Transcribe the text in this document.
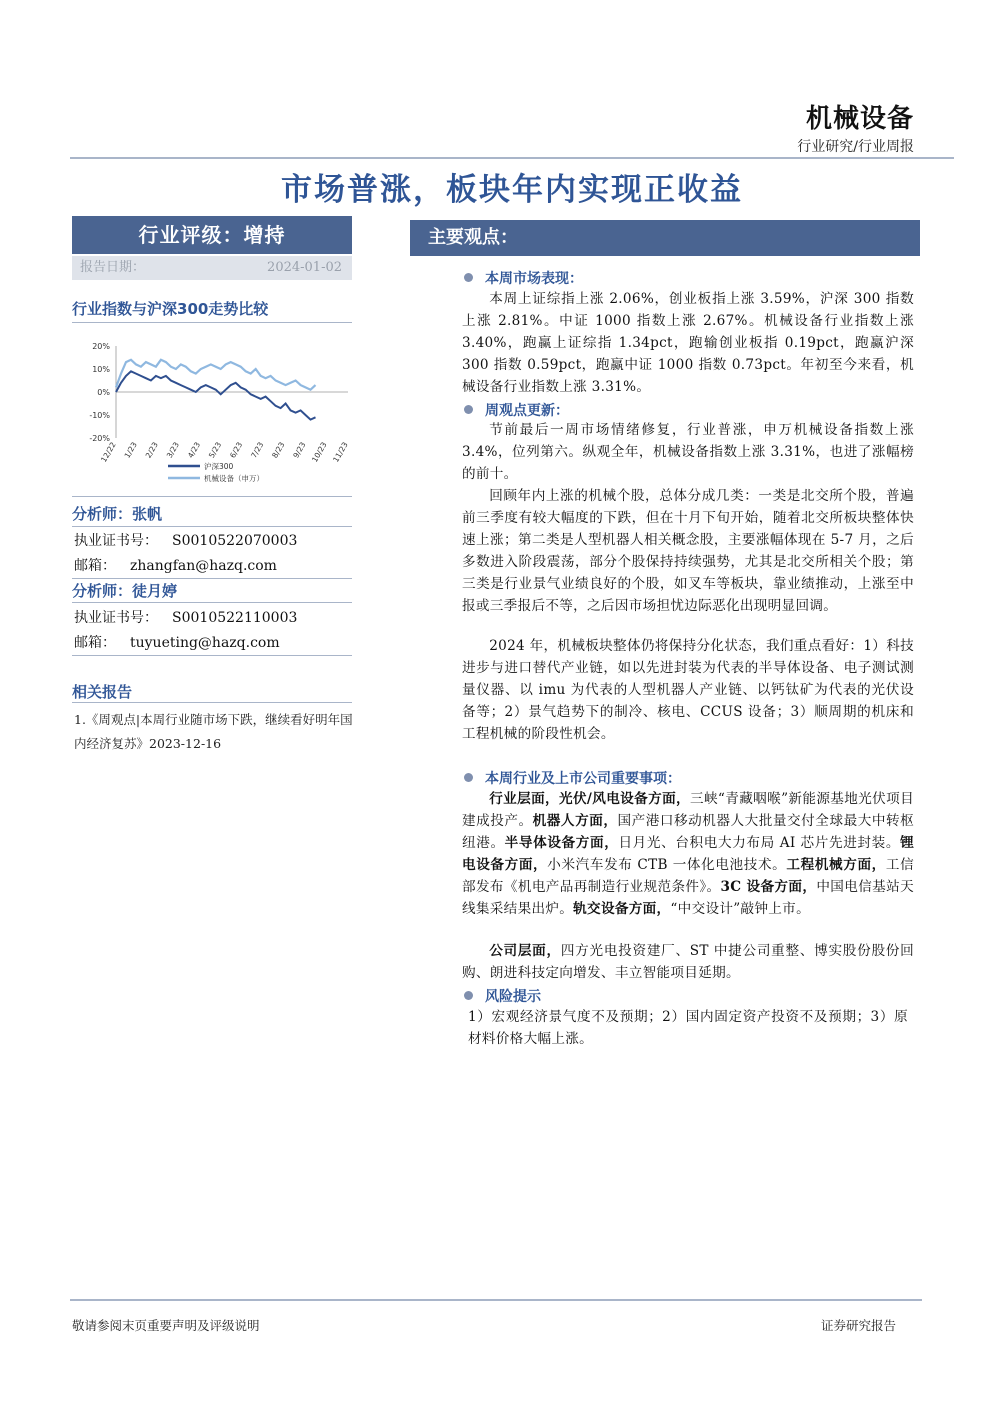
机械设备
行业研究/行业周报
市场普涨，板块年内实现正收益
行业评级：增持
报告日期：	2024-01-02
行业指数与沪深300走势比较
20%
10%
0%
-10%
-20%
12/22 1/23 2/23 3/23 4/23 5/23 6/23 7/23 8/23 9/23 10/23 11/23
沪深300
机械设备（申万）
分析师：张帆
执业证书号： S0010522070003
邮箱： zhangfan@hazq.com
分析师：徒月婷
执业证书号： S0010522110003
邮箱： tuyueting@hazq.com
相关报告
1.《周观点|本周行业随市场下跌，继续看好明年国内经济复苏》2023-12-16
主要观点：
本周市场表现：
本周上证综指上涨 2.06%，创业板指上涨 3.59%，沪深 300 指数上涨 2.81%。中证 1000 指数上涨 2.67%。机械设备行业指数上涨 3.40%，跑赢上证综指 1.34pct，跑输创业板指 0.19pct，跑赢沪深 300 指数 0.59pct，跑赢中证 1000 指数 0.73pct。年初至今来看，机械设备行业指数上涨 3.31%。
周观点更新：
节前最后一周市场情绪修复，行业普涨，申万机械设备指数上涨 3.4%，位列第六。纵观全年，机械设备指数上涨 3.31%，也进了涨幅榜的前十。
回顾年内上涨的机械个股，总体分成几类：一类是北交所个股，普遍前三季度有较大幅度的下跌，但在十月下旬开始，随着北交所板块整体快速上涨；第二类是人型机器人相关概念股，主要涨幅体现在 5-7 月，之后多数进入阶段震荡，部分个股保持持续强势，尤其是北交所相关个股；第三类是行业景气业绩良好的个股，如叉车等板块，靠业绩推动，上涨至中报或三季报后不等，之后因市场担忧边际恶化出现明显回调。
2024 年，机械板块整体仍将保持分化状态，我们重点看好：1）科技进步与进口替代产业链，如以先进封装为代表的半导体设备、电子测试测量仪器、以 imu 为代表的人型机器人产业链、以钙钛矿为代表的光伏设备等；2）景气趋势下的制冷、核电、CCUS 设备；3）顺周期的机床和工程机械的阶段性机会。
本周行业及上市公司重要事项：
行业层面，光伏/风电设备方面，三峡“青藏咽喉”新能源基地光伏项目建成投产。机器人方面，国产港口移动机器人大批量交付全球最大中转枢纽港。半导体设备方面，日月光、台积电大力布局 AI 芯片先进封装。锂电设备方面，小米汽车发布 CTB 一体化电池技术。工程机械方面，工信部发布《机电产品再制造行业规范条件》。3C 设备方面，中国电信基站天线集采结果出炉。轨交设备方面，“中交设计”敲钟上市。
公司层面，四方光电投资建厂、ST 中捷公司重整、博实股份股份回购、朗进科技定向增发、丰立智能项目延期。
风险提示
1）宏观经济景气度不及预期；2）国内固定资产投资不及预期；3）原材料价格大幅上涨。
敬请参阅末页重要声明及评级说明	证券研究报告
